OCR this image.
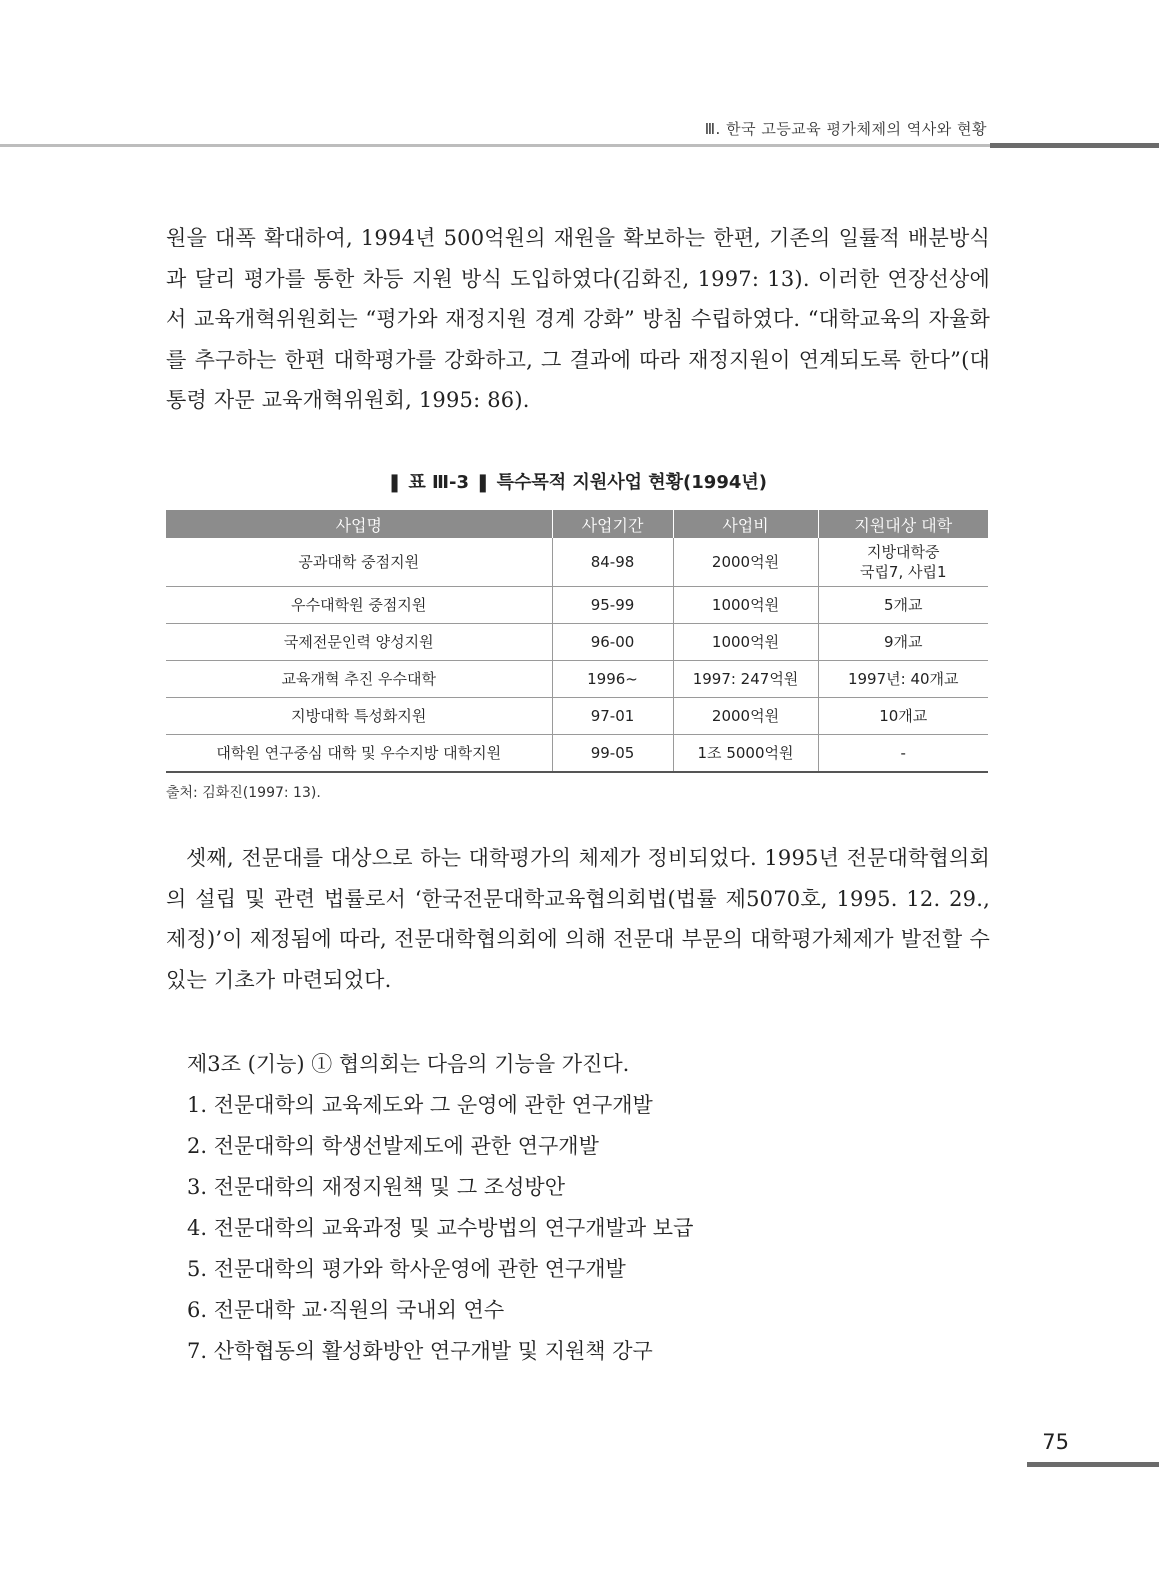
Ⅲ. 한국 고등교육 평가체제의 역사와 현황

원을 대폭 확대하여, 1994년 500억원의 재원을 확보하는 한편, 기존의 일률적 배분방식과 달리 평가를 통한 차등 지원 방식 도입하였다(김화진, 1997: 13). 이러한 연장선상에서 교육개혁위원회는 “평가와 재정지원 경계 강화” 방침 수립하였다. “대학교육의 자율화를 추구하는 한편 대학평가를 강화하고, 그 결과에 따라 재정지원이 연계되도록 한다”(대통령 자문 교육개혁위원회, 1995: 86).

❚ 표 Ⅲ-3 ❚ 특수목적 지원사업 현황(1994년)
사업명	사업기간	사업비	지원대상 대학
공과대학 중점지원	84-98	2000억원	지방대학중
국립7, 사립1
우수대학원 중점지원	95-99	1000억원	5개교
국제전문인력 양성지원	96-00	1000억원	9개교
교육개혁 추진 우수대학	1996~	1997: 247억원	1997년: 40개교
지방대학 특성화지원	97-01	2000억원	10개교
대학원 연구중심 대학 및 우수지방 대학지원	99-05	1조 5000억원	-
출처: 김화진(1997: 13).

셋째, 전문대를 대상으로 하는 대학평가의 체제가 정비되었다. 1995년 전문대학협의회의 설립 및 관련 법률로서 ‘한국전문대학교육협의회법(법률 제5070호, 1995. 12. 29., 제정)’이 제정됨에 따라, 전문대학협의회에 의해 전문대 부문의 대학평가체제가 발전할 수 있는 기초가 마련되었다.

제3조 (기능) ① 협의회는 다음의 기능을 가진다.
1. 전문대학의 교육제도와 그 운영에 관한 연구개발
2. 전문대학의 학생선발제도에 관한 연구개발
3. 전문대학의 재정지원책 및 그 조성방안
4. 전문대학의 교육과정 및 교수방법의 연구개발과 보급
5. 전문대학의 평가와 학사운영에 관한 연구개발
6. 전문대학 교·직원의 국내외 연수
7. 산학협동의 활성화방안 연구개발 및 지원책 강구
75
